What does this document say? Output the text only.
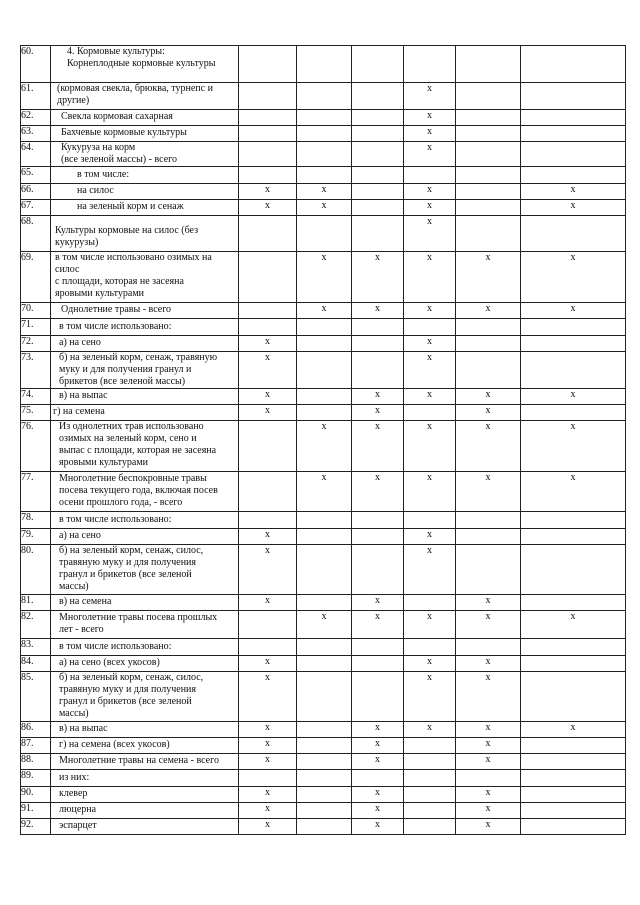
60.	4. Кормовые культуры:
Корнеплодные кормовые культуры						

61.	(кормовая свекла, брюква, турнепс и
другие)				x		
62.	Свекла кормовая сахарная				x		
63.	Бахчевые кормовые культуры				x		
64.	Кукуруза на корм
(все зеленой массы) - всего				x		
65.	в том числе:						

66.	на силос	x	x		x		x
67.	на зеленый корм и сенаж	x	x		x		x
68.	Культуры кормовые на силос (без
кукурузы)				x		
69.	в том числе использовано озимых на
силос
с площади, которая не засеяна
яровыми культурами		x	x	x	x	x
70.	Однолетние травы - всего		x	x	x	x	x
71.	в том числе использовано:						

72.	а) на сено	x			x		
73.	б) на зеленый корм, сенаж, травяную
муку и для получения гранул и
брикетов (все зеленой массы)	x			x		
74.	в) на выпас	x		x	x	x	x
75.	г) на семена	x		x		x	
76.	Из однолетних трав использовано
озимых на зеленый корм, сено и
выпас с площади, которая не засеяна
яровыми культурами		x	x	x	x	x
77.	Многолетние беспокровные травы
посева текущего года, включая посев
осени прошлого года, - всего		x	x	x	x	x
78.	в том числе использовано:						

79.	а) на сено	x			x		
80.	б) на зеленый корм, сенаж, силос,
травяную муку и для получения
гранул и брикетов (все зеленой
массы)	x			x		
81.	в) на семена	x		x		x	
82.	Многолетние травы посева прошлых
лет - всего		x	x	x	x	x
83.	в том числе использовано:						

84.	а) на сено (всех укосов)	x			x	x	
85.	б) на зеленый корм, сенаж, силос,
травяную муку и для получения
гранул и брикетов (все зеленой
массы)	x			x	x	
86.	в) на выпас	x		x	x	x	x
87.	г) на семена (всех укосов)	x		x		x	
88.	Многолетние травы на семена - всего	x		x		x	
89.	из них:						

90.	клевер	x		x		x	
91.	люцерна	x		x		x	
92.	эспарцет	x		x		x	
